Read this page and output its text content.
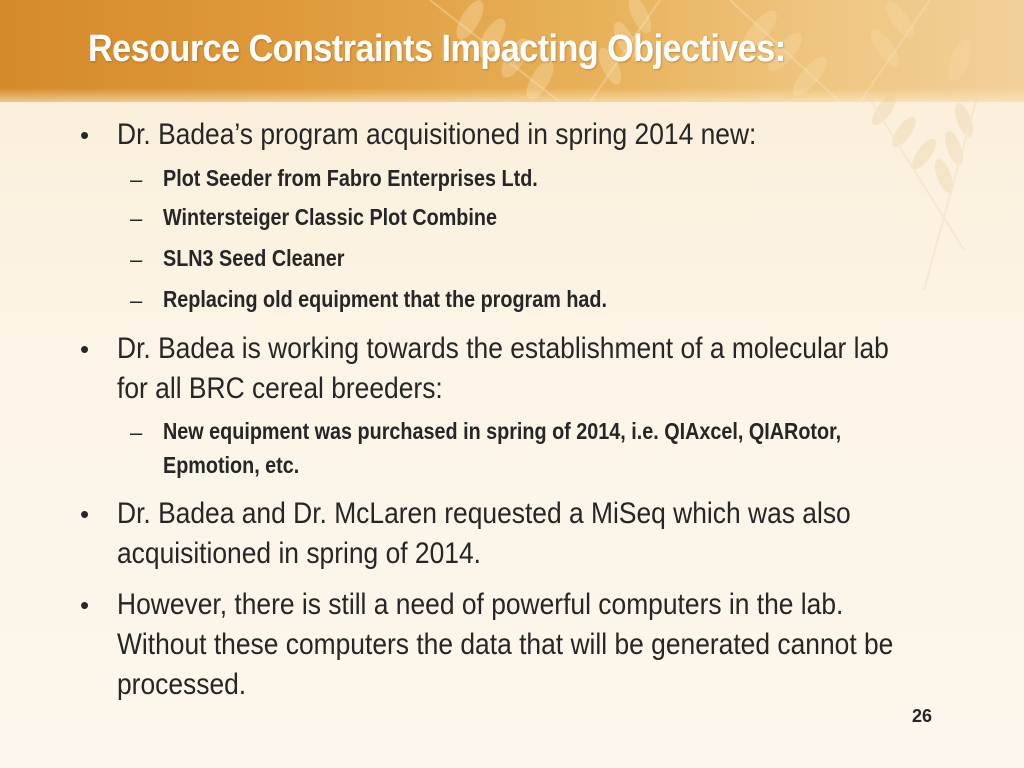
Resource Constraints Impacting Objectives:
• Dr. Badea’s program acquisitioned in spring 2014 new:
– Plot Seeder from Fabro Enterprises Ltd.
– Wintersteiger Classic Plot Combine
– SLN3 Seed Cleaner
– Replacing old equipment that the program had.
• Dr. Badea is working towards the establishment of a molecular lab
for all BRC cereal breeders:
– New equipment was purchased in spring of 2014, i.e. QIAxcel, QIARotor,
Epmotion, etc.
• Dr. Badea and Dr. McLaren requested a MiSeq which was also
acquisitioned in spring of 2014.
• However, there is still a need of powerful computers in the lab.
Without these computers the data that will be generated cannot be
processed.
26
